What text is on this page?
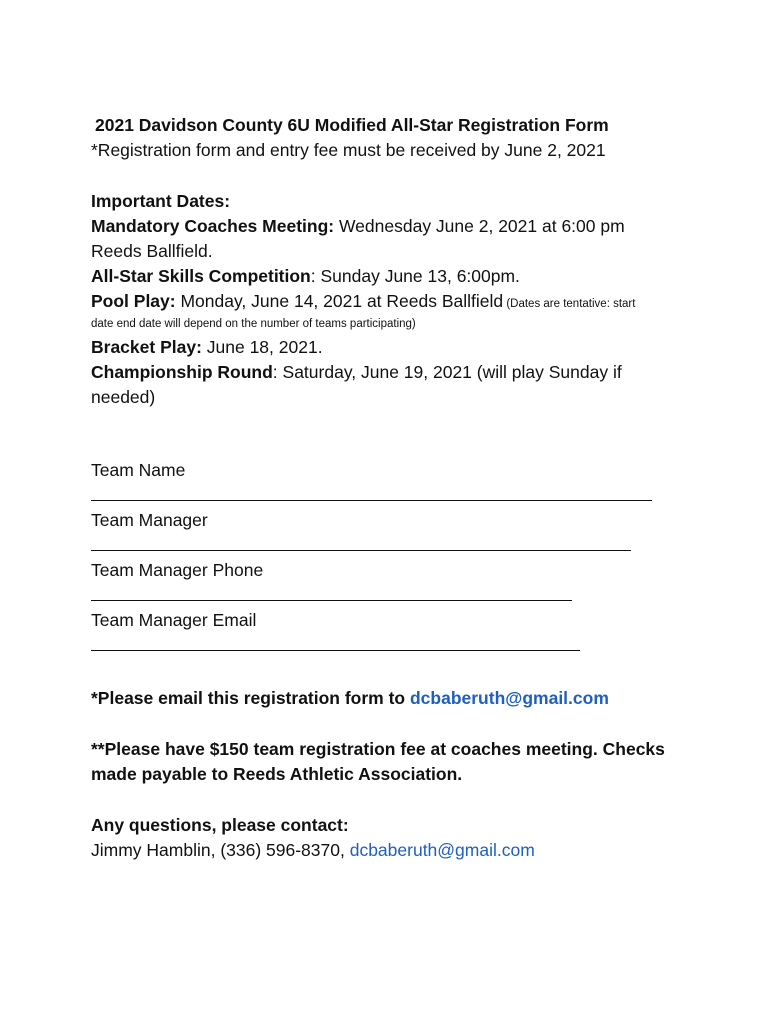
2021 Davidson County 6U Modified All-Star Registration Form
*Registration form and entry fee must be received by June 2, 2021
Important Dates:
Mandatory Coaches Meeting: Wednesday June 2, 2021 at 6:00 pm
Reeds Ballfield.
All-Star Skills Competition: Sunday June 13, 6:00pm.
Pool Play: Monday, June 14, 2021 at Reeds Ballfield (Dates are tentative: start
date end date will depend on the number of teams participating)
Bracket Play: June 18, 2021.
Championship Round: Saturday, June 19, 2021 (will play Sunday if
needed)
Team Name
Team Manager
Team Manager Phone
Team Manager Email
*Please email this registration form to dcbaberuth@gmail.com
**Please have $150 team registration fee at coaches meeting. Checks
made payable to Reeds Athletic Association.
Any questions, please contact:
Jimmy Hamblin, (336) 596-8370, dcbaberuth@gmail.com
